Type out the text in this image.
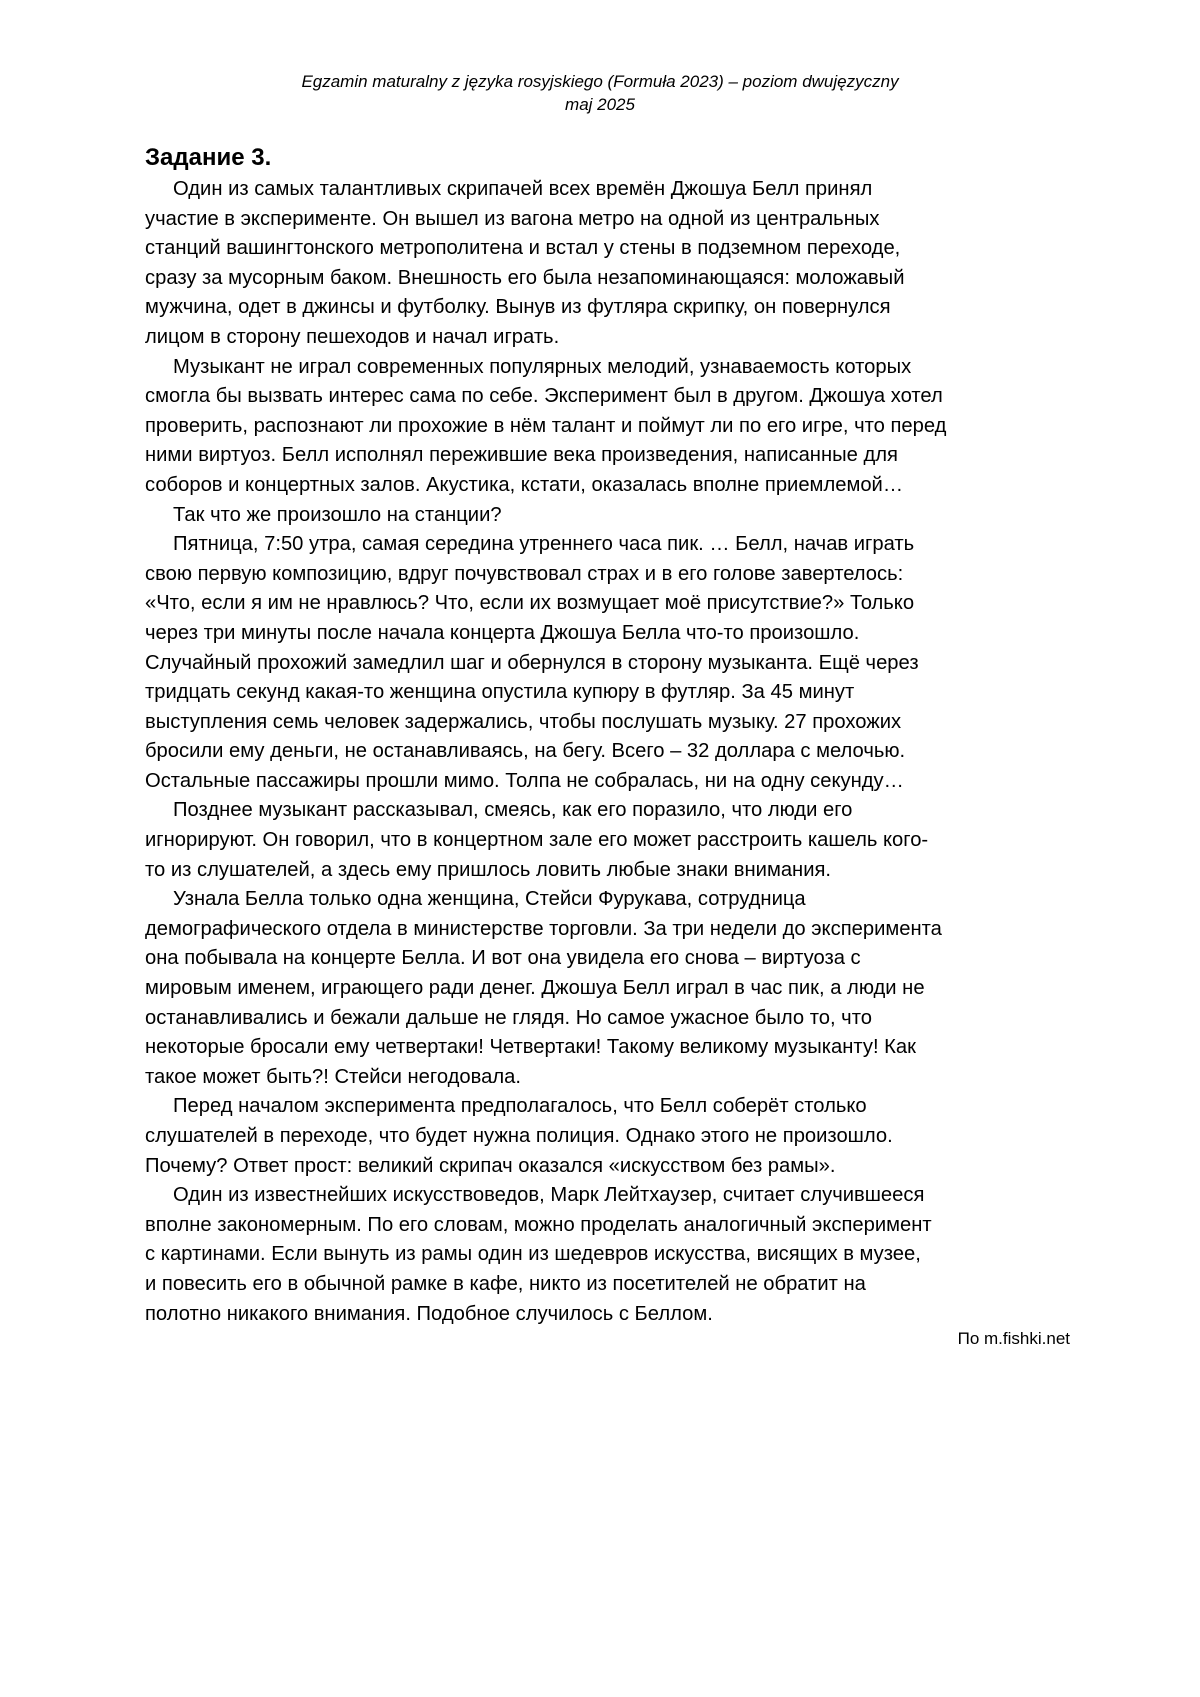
Egzamin maturalny z języka rosyjskiego (Formuła 2023) – poziom dwujęzyczny
maj 2025
Задание 3.

Один из самых талантливых скрипачей всех времён Джошуа Белл принял
участие в эксперименте. Он вышел из вагона метро на одной из центральных
станций вашингтонского метрополитена и встал у стены в подземном переходе,
сразу за мусорным баком. Внешность его была незапоминающаяся: моложавый
мужчина, одет в джинсы и футболку. Вынув из футляра скрипку, он повернулся
лицом в сторону пешеходов и начал играть.

Музыкант не играл современных популярных мелодий, узнаваемость которых
смогла бы вызвать интерес сама по себе. Эксперимент был в другом. Джошуа хотел
проверить, распознают ли прохожие в нём талант и поймут ли по его игре, что перед
ними виртуоз. Белл исполнял пережившие века произведения, написанные для
соборов и концертных залов. Акустика, кстати, оказалась вполне приемлемой…

Так что же произошло на станции?

Пятница, 7:50 утра, самая середина утреннего часа пик. … Белл, начав играть
свою первую композицию, вдруг почувствовал страх и в его голове завертелось:
«Что, если я им не нравлюсь? Что, если их возмущает моё присутствие?» Только
через три минуты после начала концерта Джошуа Белла что-то произошло.
Случайный прохожий замедлил шаг и обернулся в сторону музыканта. Ещё через
тридцать секунд какая-то женщина опустила купюру в футляр. За 45 минут
выступления семь человек задержались, чтобы послушать музыку. 27 прохожих
бросили ему деньги, не останавливаясь, на бегу. Всего – 32 доллара с мелочью.
Остальные пассажиры прошли мимо. Толпа не собралась, ни на одну секунду…

Позднее музыкант рассказывал, смеясь, как его поразило, что люди его
игнорируют. Он говорил, что в концертном зале его может расстроить кашель кого-
то из слушателей, а здесь ему пришлось ловить любые знаки внимания.

Узнала Белла только одна женщина, Стейси Фурукава, сотрудница
демографического отдела в министерстве торговли. За три недели до эксперимента
она побывала на концерте Белла. И вот она увидела его снова – виртуоза с
мировым именем, играющего ради денег. Джошуа Белл играл в час пик, а люди не
останавливались и бежали дальше не глядя. Но самое ужасное было то, что
некоторые бросали ему четвертаки! Четвертаки! Такому великому музыканту! Как
такое может быть?! Стейси негодовала.

Перед началом эксперимента предполагалось, что Белл соберёт столько
слушателей в переходе, что будет нужна полиция. Однако этого не произошло.
Почему? Ответ прост: великий скрипач оказался «искусством без рамы».

Один из известнейших искусствоведов, Марк Лейтхаузер, считает случившееся
вполне закономерным. По его словам, можно проделать аналогичный эксперимент
с картинами. Если вынуть из рамы один из шедевров искусства, висящих в музее,
и повесить его в обычной рамке в кафе, никто из посетителей не обратит на
полотно никакого внимания. Подобное случилось с Беллом.

По m.fishki.net
